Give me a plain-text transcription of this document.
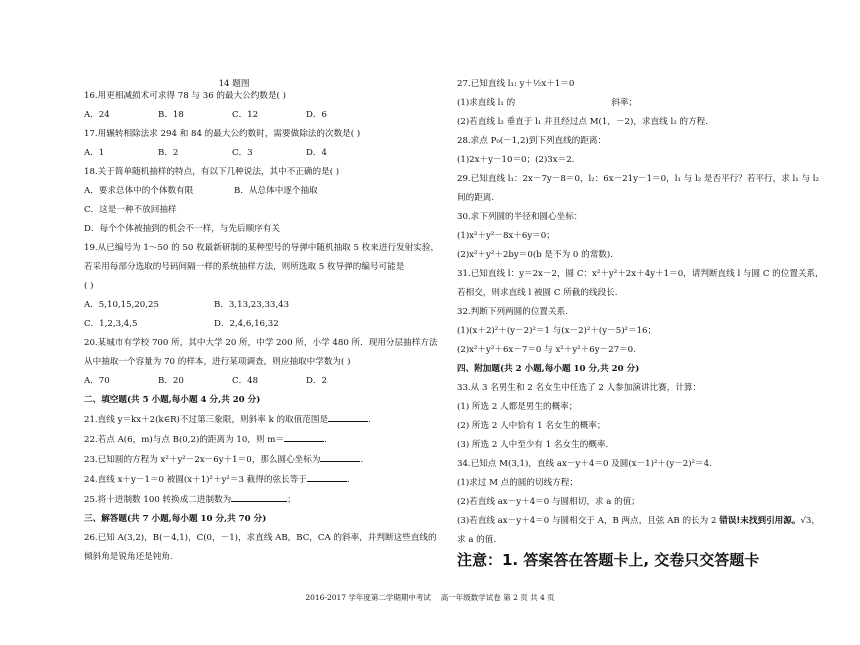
14 题图
16.用更相减损术可求得 78 与 36 的最大公约数是( )
A．24	B．18	C．12	D．6
17.用辗转相除法求 294 和 84 的最大公约数时，需要做除法的次数是( )
A．1	B．2	C．3	D．4
18.关于简单随机抽样的特点，有以下几种说法，其中不正确的是( )
A．要求总体中的个体数有限	B．从总体中逐个抽取
C．这是一种不放回抽样
D．每个个体被抽到的机会不一样，与先后顺序有关
19.从已编号为 1～50 的 50 枚最新研制的某种型号的导弹中随机抽取 5 枚来进行发射实验，
若采用每部分选取的号码间隔一样的系统抽样方法，则所选取 5 枚导弹的编号可能是
( )
A．5,10,15,20,25	B．3,13,23,33,43
C．1,2,3,4,5	D．2,4,6,16,32
20.某城市有学校 700 所，其中大学 20 所，中学 200 所，小学 480 所．现用分层抽样方法
从中抽取一个容量为 70 的样本，进行某项调查，则应抽取中学数为( )
A．70	B．20	C．48	D．2
二、填空题(共 5 小题,每小题 4 分,共 20 分)
21.直线 y＝kx＋2(k∈R)不过第三象限，则斜率 k 的取值范围是	.
22.若点 A(6，m)与点 B(0,2)的距离为 10，则 m＝	.
23.已知圆的方程为 x²＋y²－2x－6y＋1＝0，那么圆心坐标为	.
24.直线 x＋y－1＝0 被圆(x＋1)²＋y²＝3 截得的弦长等于	.
25.将十进制数 100 转换成二进制数为	；
三、解答题(共 7 小题,每小题 10 分,共 70 分)
26.已知 A(3,2)，B(－4,1)，C(0，－1)，求直线 AB，BC，CA 的斜率，并判断这些直线的
倾斜角是锐角还是钝角.
27.已知直线 l₁: y＋½x＋1＝0
(1)求直线 l₁ 的	斜率；
(2)若直线 l₂ 垂直于 l₁ 并且经过点 M(1，－2)，求直线 l₂ 的方程.
28.求点 P₀(－1,2)到下列直线的距离：
(1)2x＋y－10＝0；(2)3x＝2.
29.已知直线 l₁：2x－7y－8＝0，l₂：6x－21y－1＝0，l₁ 与 l₂ 是否平行？若平行，求 l₁ 与 l₂
间的距离.
30.求下列圆的半径和圆心坐标：
(1)x²＋y²－8x＋6y＝0；
(2)x²＋y²＋2by＝0(b 是不为 0 的常数).
31.已知直线 l：y＝2x－2，圆 C：x²＋y²＋2x＋4y＋1＝0，请判断直线 l 与圆 C 的位置关系，
若相交，则求直线 l 被圆 C 所截的线段长.
32.判断下列两圆的位置关系.
(1)(x＋2)²＋(y－2)²＝1 与(x－2)²＋(y－5)²＝16；
(2)x²＋y²＋6x－7＝0 与 x²＋y²＋6y－27＝0.
四、附加题(共 2 小题,每小题 10 分,共 20 分)
33.从 3 名男生和 2 名女生中任选了 2 人参加演讲比赛，计算：
(1) 所选 2 人都是男生的概率；
(2) 所选 2 人中恰有 1 名女生的概率；
(3) 所选 2 人中至少有 1 名女生的概率.
34.已知点 M(3,1)，直线 ax－y＋4＝0 及圆(x－1)²＋(y－2)²＝4.
(1)求过 M 点的圆的切线方程；
(2)若直线 ax－y＋4＝0 与圆相切，求 a 的值；
(3)若直线 ax－y＋4＝0 与圆相交于 A，B 两点，且弦 AB 的长为 2 错误!未找到引用源。√3，
求 a 的值.
注意：1. 答案答在答题卡上, 交卷只交答题卡
2016-2017 学年度第二学期期中考试　 高一年级数学试卷 第 2 页 共 4 页
